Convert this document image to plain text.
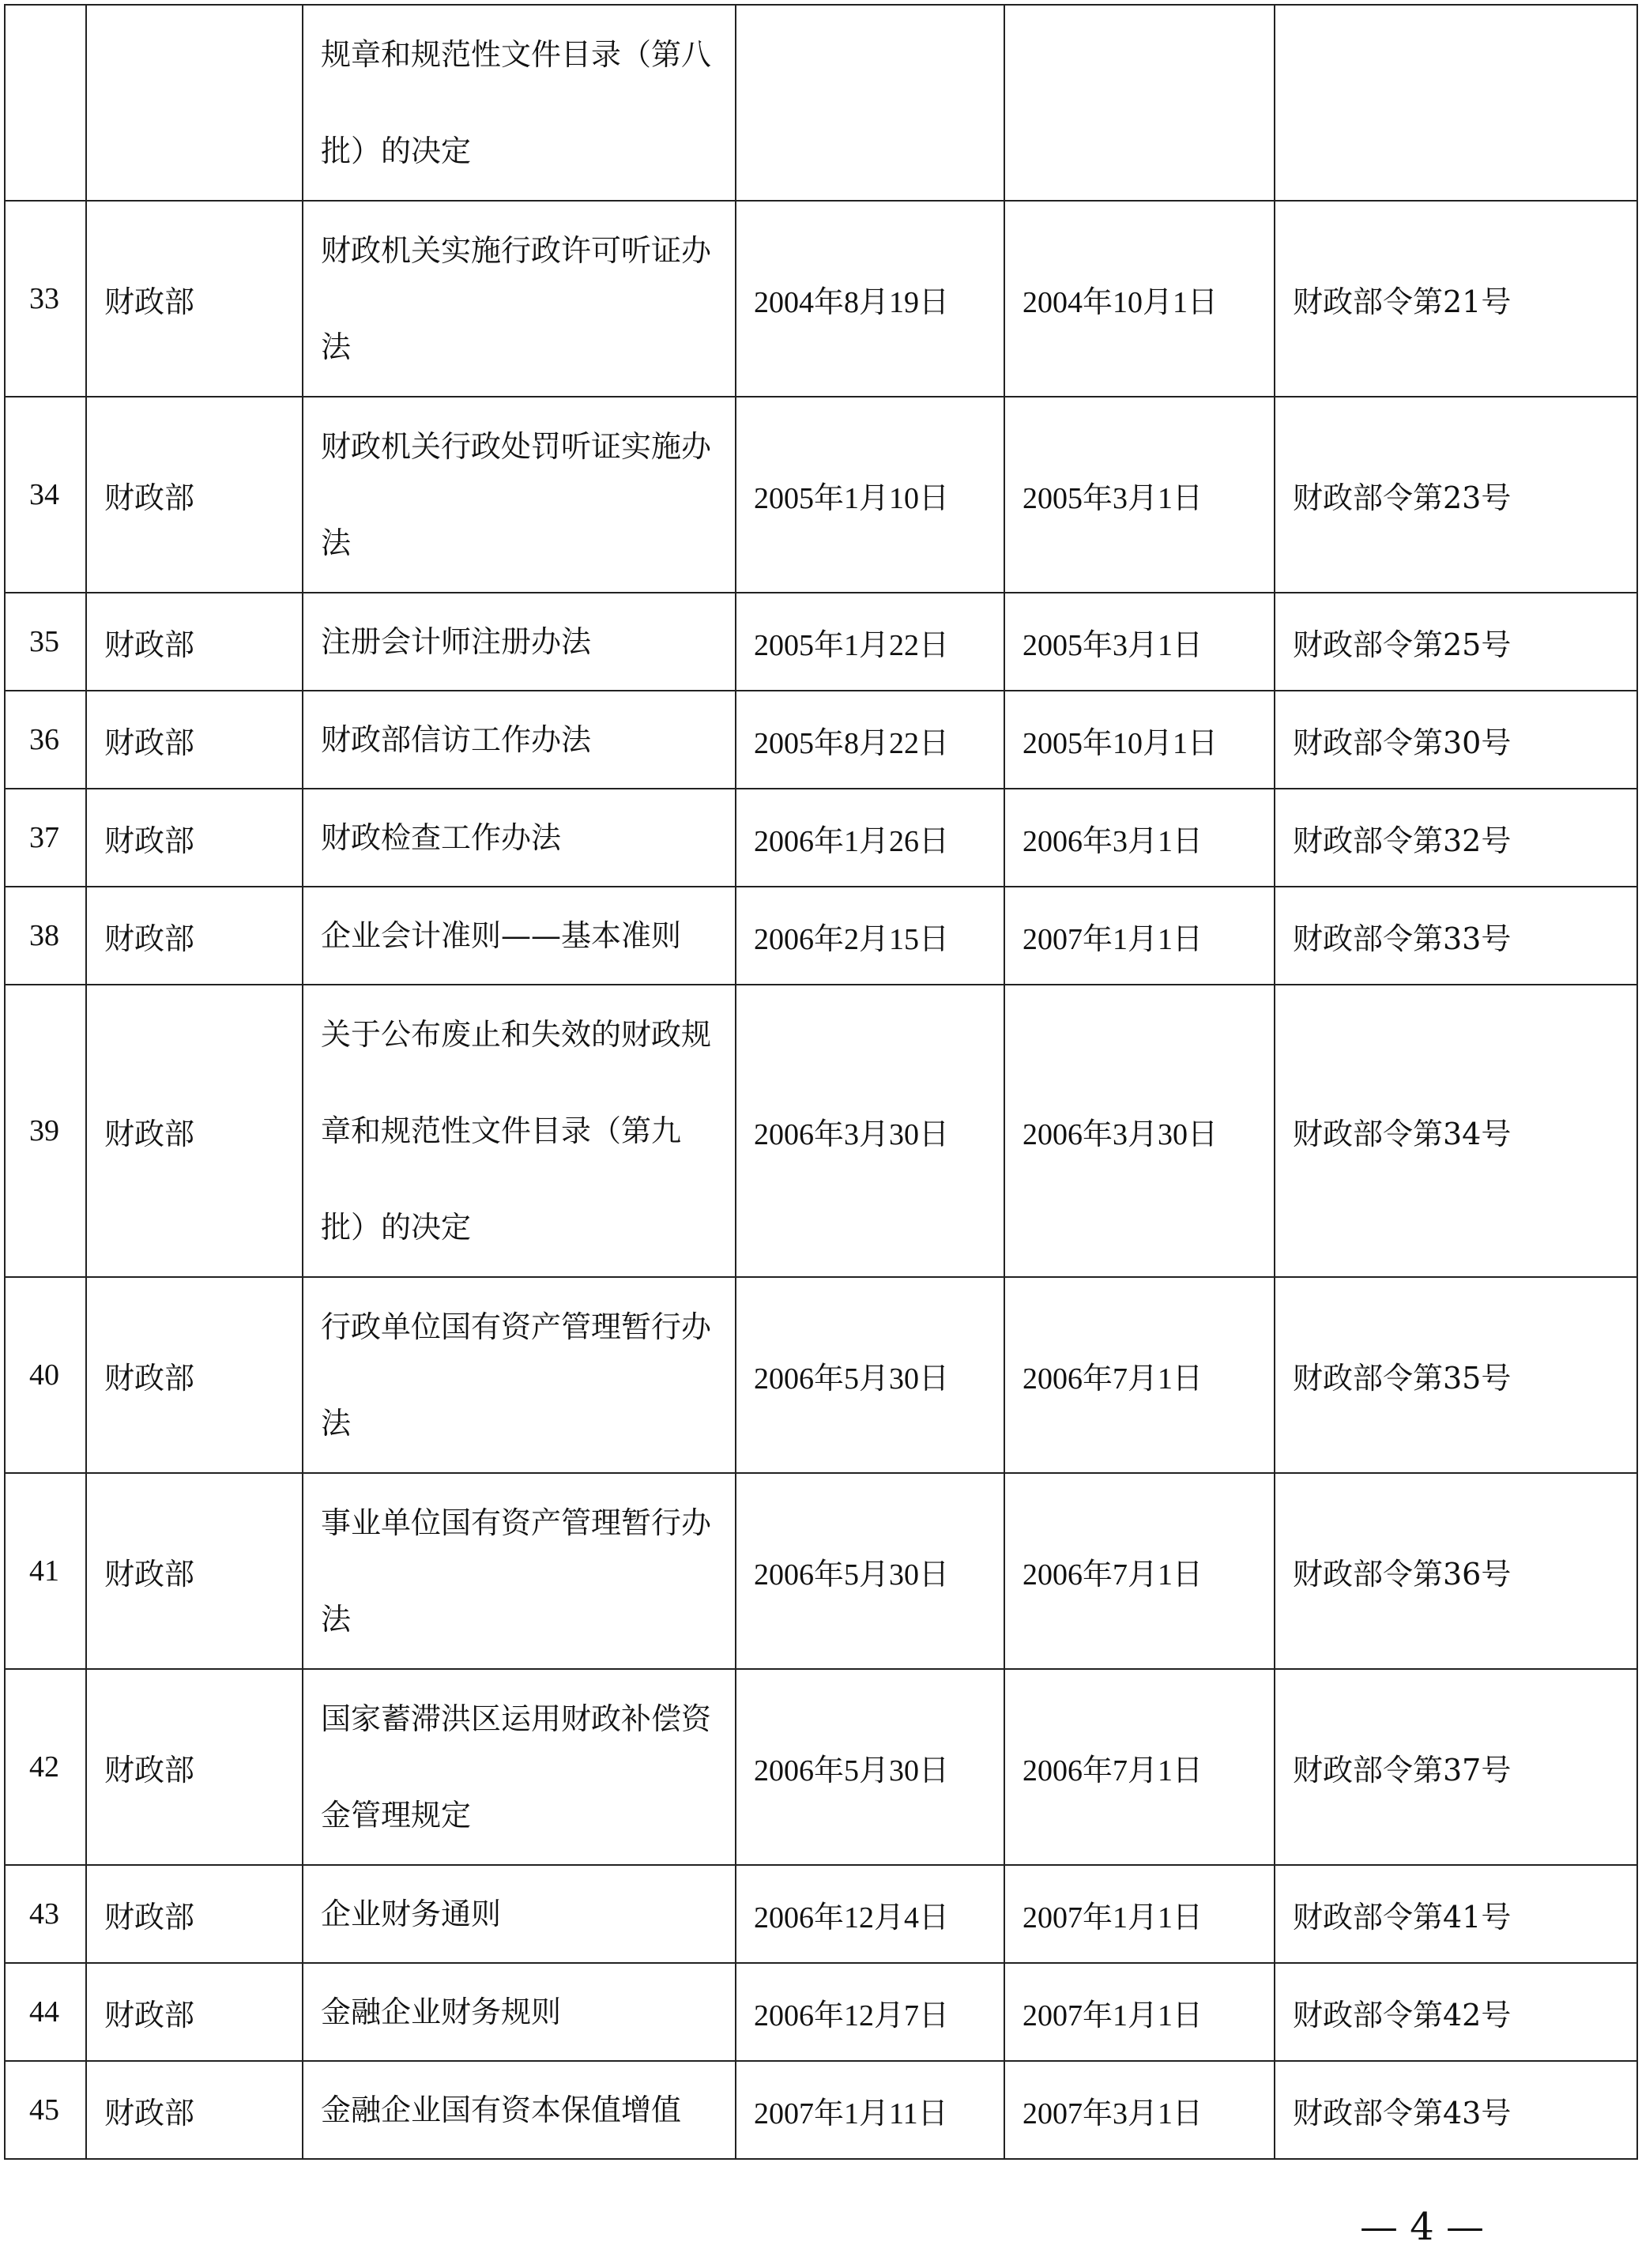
		规章和规范性文件目录（第八批）的决定			
33	财政部	财政机关实施行政许可听证办法	2004年8月19日	2004年10月1日	财政部令第21号
34	财政部	财政机关行政处罚听证实施办法	2005年1月10日	2005年3月1日	财政部令第23号
35	财政部	注册会计师注册办法	2005年1月22日	2005年3月1日	财政部令第25号
36	财政部	财政部信访工作办法	2005年8月22日	2005年10月1日	财政部令第30号
37	财政部	财政检查工作办法	2006年1月26日	2006年3月1日	财政部令第32号
38	财政部	企业会计准则——基本准则	2006年2月15日	2007年1月1日	财政部令第33号
39	财政部	关于公布废止和失效的财政规章和规范性文件目录（第九批）的决定	2006年3月30日	2006年3月30日	财政部令第34号
40	财政部	行政单位国有资产管理暂行办法	2006年5月30日	2006年7月1日	财政部令第35号
41	财政部	事业单位国有资产管理暂行办法	2006年5月30日	2006年7月1日	财政部令第36号
42	财政部	国家蓄滞洪区运用财政补偿资金管理规定	2006年5月30日	2006年7月1日	财政部令第37号
43	财政部	企业财务通则	2006年12月4日	2007年1月1日	财政部令第41号
44	财政部	金融企业财务规则	2006年12月7日	2007年1月1日	财政部令第42号
45	财政部	金融企业国有资本保值增值	2007年1月11日	2007年3月1日	财政部令第43号
— 4 —
